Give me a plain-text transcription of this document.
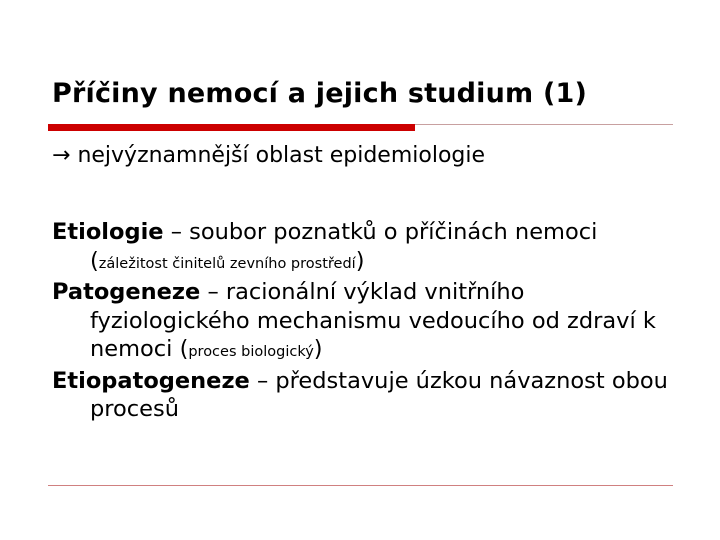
Příčiny nemocí a jejich studium (1)
→ nejvýznamnější oblast epidemiologie

Etiologie – soubor poznatků o příčinách nemoci (záležitost činitelů zevního prostředí)

Patogeneze – racionální výklad vnitřního fyziologického mechanismu vedoucího od zdraví k nemoci (proces biologický)

Etiopatogeneze – představuje úzkou návaznost obou procesů
